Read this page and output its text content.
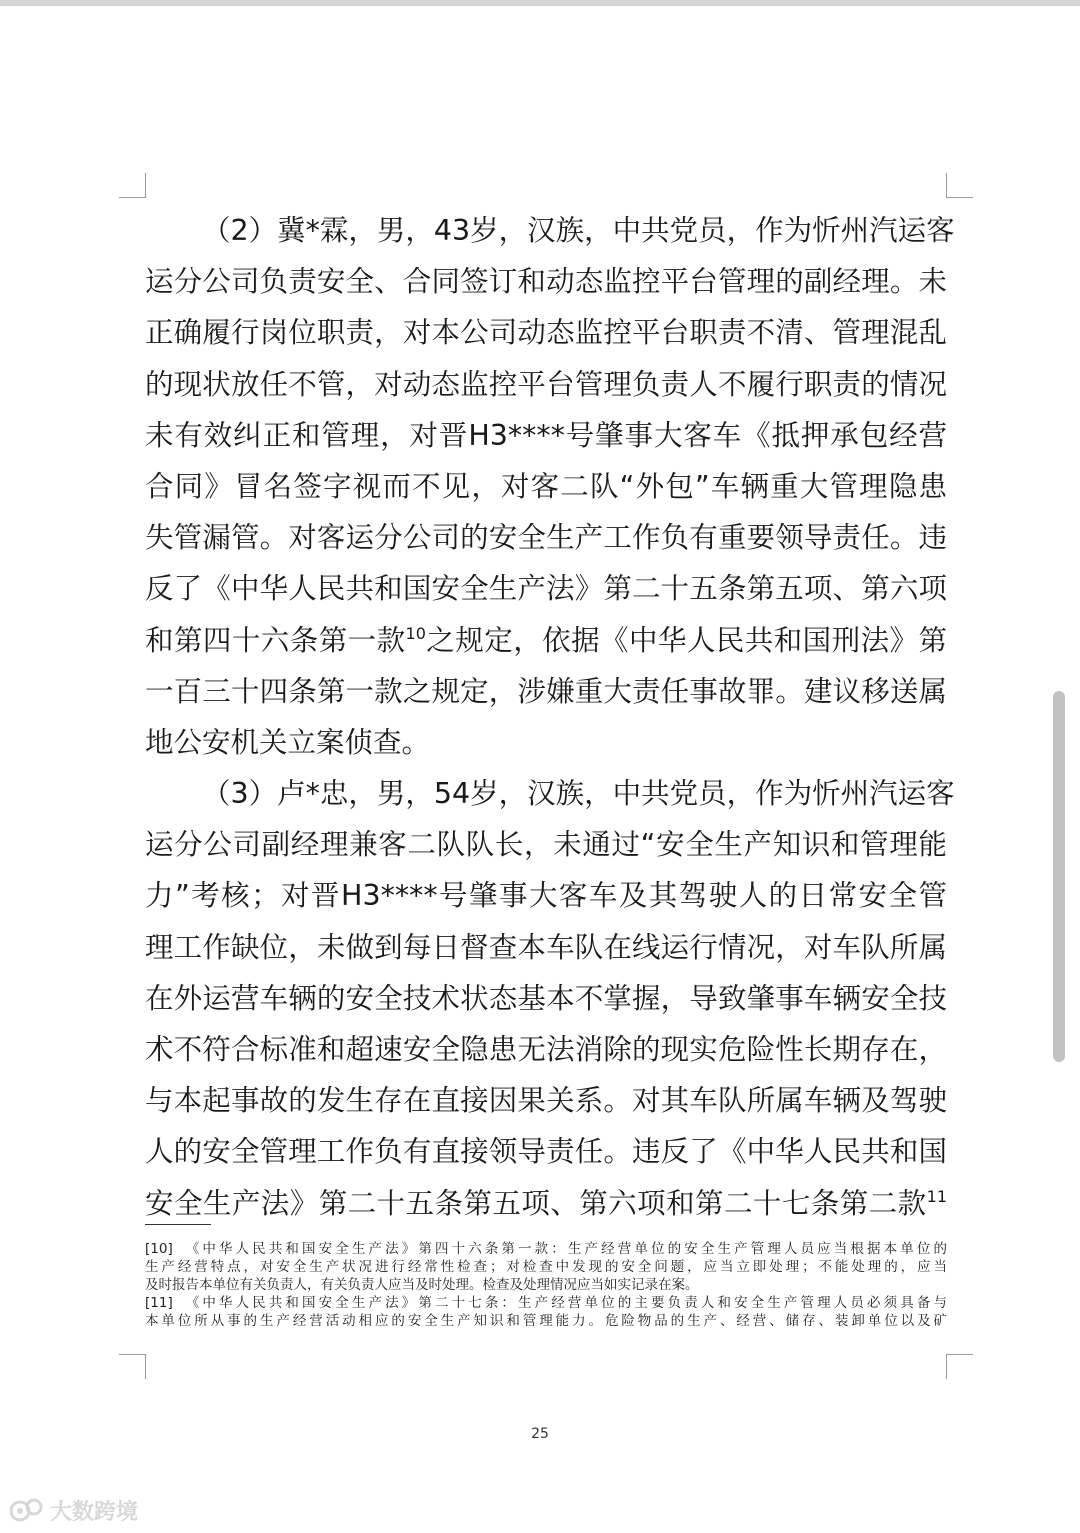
（2）冀*霖，男，43岁，汉族，中共党员，作为忻州汽运客
运分公司负责安全、合同签订和动态监控平台管理的副经理。未
正确履行岗位职责，对本公司动态监控平台职责不清、管理混乱
的现状放任不管，对动态监控平台管理负责人不履行职责的情况
未有效纠正和管理，对晋H3****号肇事大客车《抵押承包经营
合同》冒名签字视而不见，对客二队“外包”车辆重大管理隐患
失管漏管。对客运分公司的安全生产工作负有重要领导责任。违
反了《中华人民共和国安全生产法》第二十五条第五项、第六项
和第四十六条第一款$^{10}$之规定，依据《中华人民共和国刑法》第
一百三十四条第一款之规定，涉嫌重大责任事故罪。建议移送属
地公安机关立案侦查。
（3）卢*忠，男，54岁，汉族，中共党员，作为忻州汽运客
运分公司副经理兼客二队队长，未通过“安全生产知识和管理能
力”考核；对晋H3****号肇事大客车及其驾驶人的日常安全管
理工作缺位，未做到每日督查本车队在线运行情况，对车队所属
在外运营车辆的安全技术状态基本不掌握，导致肇事车辆安全技
术不符合标准和超速安全隐患无法消除的现实危险性长期存在，
与本起事故的发生存在直接因果关系。对其车队所属车辆及驾驶
人的安全管理工作负有直接领导责任。违反了《中华人民共和国
安全生产法》第二十五条第五项、第六项和第二十七条第二款$^{11}$
[10]　《中华人民共和国安全生产法》第四十六条第一款：生产经营单位的安全生产管理人员应当根据本单位的
生产经营特点，对安全生产状况进行经常性检查；对检查中发现的安全问题，应当立即处理；不能处理的，应当
及时报告本单位有关负责人，有关负责人应当及时处理。检查及处理情况应当如实记录在案。
[11]　《中华人民共和国安全生产法》第二十七条：生产经营单位的主要负责人和安全生产管理人员必须具备与
本单位所从事的生产经营活动相应的安全生产知识和管理能力。危险物品的生产、经营、储存、装卸单位以及矿
25
大数跨境
